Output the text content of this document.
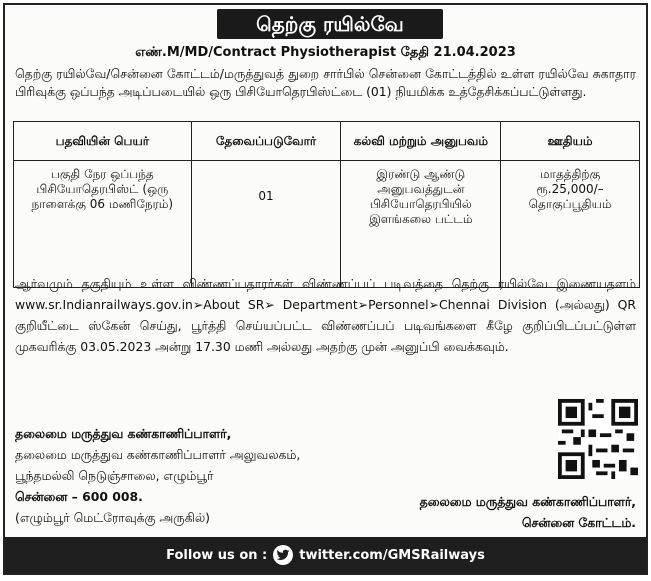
தெற்கு ரயில்வே
எண்.M/MD/Contract Physiotherapist தேதி 21.04.2023
தெற்கு ரயில்வே/சென்னை கோட்டம்/மருத்துவத் துறை சார்பில் சென்னை கோட்டத்தில் உள்ள ரயில்வே சுகாதார பிரிவுக்கு ஒப்பந்த அடிப்படையில் ஒரு பிசியோதெரபிஸ்ட்டை (01) நியமிக்க உத்தேசிக்கப்பட்டுள்ளது.
பதவியின் பெயர்	தேவைப்படுவோர்	கல்வி மற்றும் அனுபவம்	ஊதியம்
பகுதி நேர ஒப்பந்த பிசியோதெரபிஸ்ட் (ஒரு நாளைக்கு 06 மணிநேரம்)	01	இரண்டு ஆண்டு அனுபவத்துடன் பிசியோதெரபியில் இளங்கலை பட்டம்	மாதத்திற்கு ரூ.25,000/– தொகுப்பூதியம்
ஆர்வமும் தகுதியும் உள்ள விண்ணப்பதாரர்கள் விண்ணப்பப் படிவத்தை தெற்கு ரயில்வே இணையதளம் www.sr.Indianrailways.gov.in➢About SR➢ Department➢Personnel➢Chennai Division (அல்லது) QR குறியீட்டை ஸ்கேன் செய்து, பூர்த்தி செய்யப்பட்ட விண்ணப்பப் படிவங்களை கீழே குறிப்பிடப்பட்டுள்ள முகவரிக்கு 03.05.2023 அன்று 17.30 மணி அல்லது அதற்கு முன் அனுப்பி வைக்கவும்.
தலைமை மருத்துவ கண்காணிப்பாளர்,
தலைமை மருத்துவ கண்காணிப்பாளர் அலுவலகம்,
பூந்தமல்லி நெடுஞ்சாலை, எழும்பூர்
சென்னை – 600 008.
(எழும்பூர் மெட்ரோவுக்கு அருகில்)
தலைமை மருத்துவ கண்காணிப்பாளர்,
சென்னை கோட்டம்.
Follow us on : twitter.com/GMSRailways
